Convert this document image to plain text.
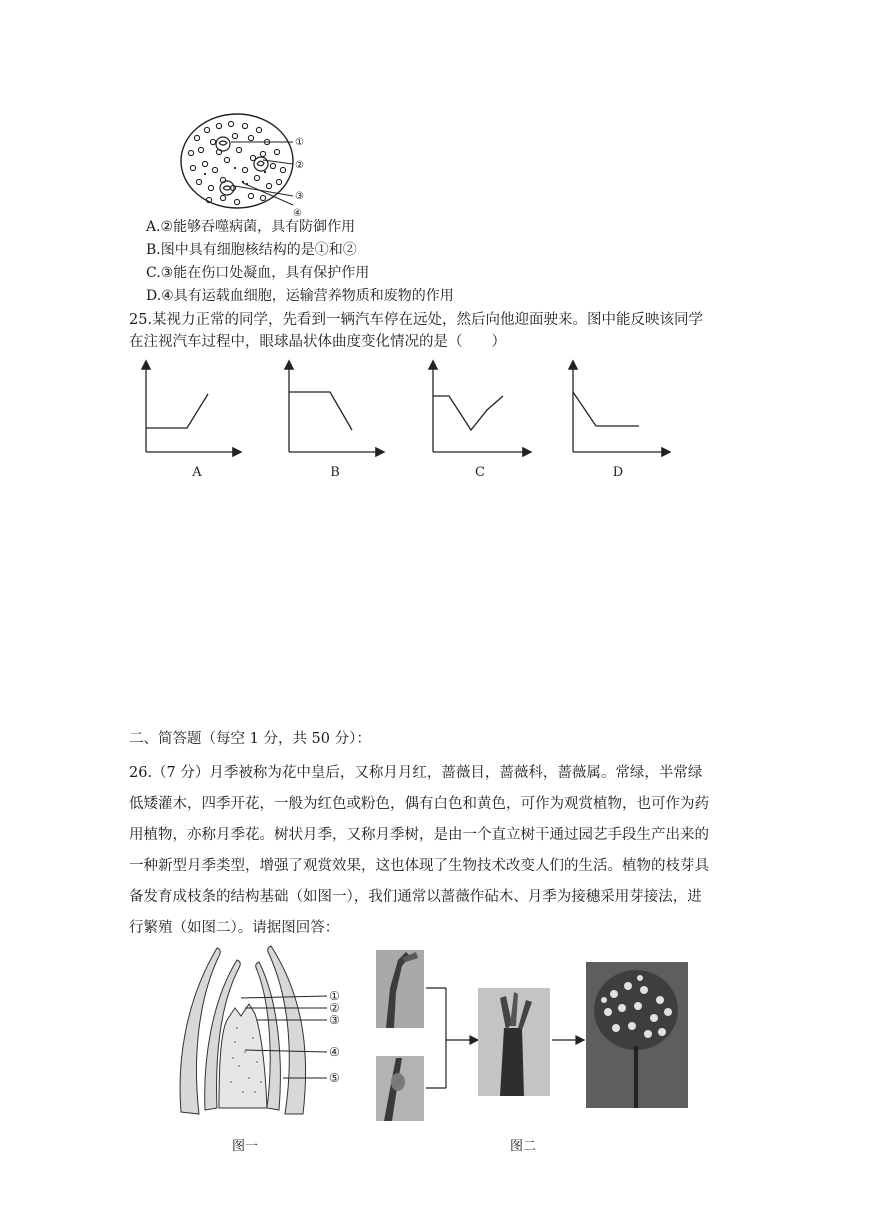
①
②
③
④
A.②能够吞噬病菌，具有防御作用
B.图中具有细胞核结构的是①和②
C.③能在伤口处凝血，具有保护作用
D.④具有运载血细胞，运输营养物质和废物的作用
25.某视力正常的同学，先看到一辆汽车停在远处，然后向他迎面驶来。图中能反映该同学
在注视汽车过程中，眼球晶状体曲度变化情况的是（　　）
A	B	C	D
二、简答题（每空 1 分，共 50 分）：
26.（7 分）月季被称为花中皇后，又称月月红，蔷薇目，蔷薇科，蔷薇属。常绿，半常绿
低矮灌木，四季开花，一般为红色或粉色，偶有白色和黄色，可作为观赏植物，也可作为药
用植物，亦称月季花。树状月季，又称月季树，是由一个直立树干通过园艺手段生产出来的
一种新型月季类型，增强了观赏效果，这也体现了生物技术改变人们的生活。植物的枝芽具
备发育成枝条的结构基础（如图一），我们通常以蔷薇作砧木、月季为接穗采用芽接法，进
行繁殖（如图二）。请据图回答：
①
②
③
④
⑤
图一	图二
